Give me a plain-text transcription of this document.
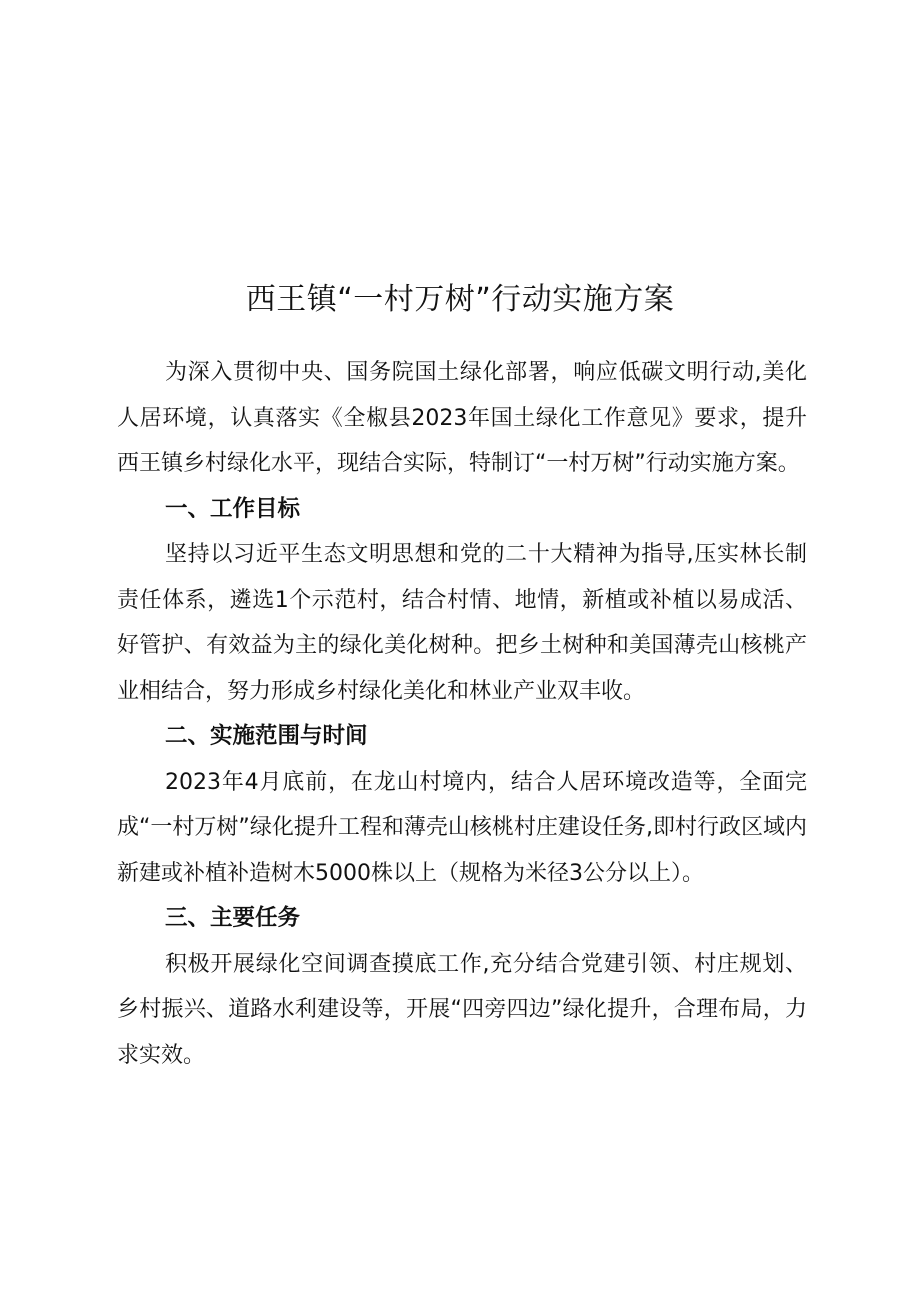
西王镇“一村万树”行动实施方案

为深入贯彻中央、国务院国土绿化部署，响应低碳文明行动,美化人居环境，认真落实《全椒县2023年国土绿化工作意见》要求，提升西王镇乡村绿化水平，现结合实际，特制订“一村万树”行动实施方案。

一、工作目标

坚持以习近平生态文明思想和党的二十大精神为指导,压实林长制责任体系，遴选1个示范村，结合村情、地情，新植或补植以易成活、好管护、有效益为主的绿化美化树种。把乡土树种和美国薄壳山核桃产业相结合，努力形成乡村绿化美化和林业产业双丰收。

二、实施范围与时间

2023年4月底前，在龙山村境内，结合人居环境改造等，全面完成“一村万树”绿化提升工程和薄壳山核桃村庄建设任务,即村行政区域内新建或补植补造树木5000株以上（规格为米径3公分以上）。

三、主要任务

积极开展绿化空间调查摸底工作,充分结合党建引领、村庄规划、乡村振兴、道路水利建设等，开展“四旁四边”绿化提升，合理布局，力求实效。
